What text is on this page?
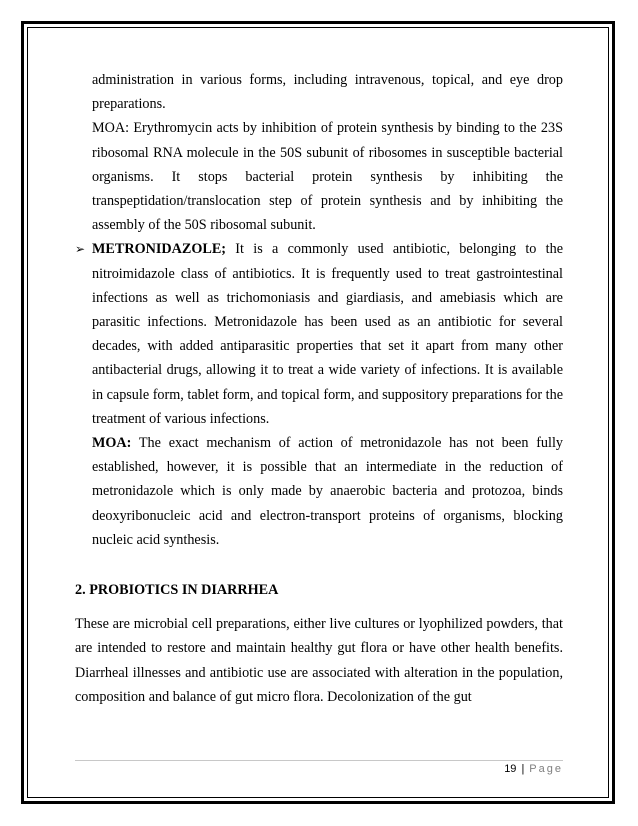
administration in various forms, including intravenous, topical, and eye drop preparations.

MOA: Erythromycin acts by inhibition of protein synthesis by binding to the 23S ribosomal RNA molecule in the 50S subunit of ribosomes in susceptible bacterial organisms. It stops bacterial protein synthesis by inhibiting the transpeptidation/translocation step of protein synthesis and by inhibiting the assembly of the 50S ribosomal subunit.

➢ METRONIDAZOLE; It is a commonly used antibiotic, belonging to the nitroimidazole class of antibiotics. It is frequently used to treat gastrointestinal infections as well as trichomoniasis and giardiasis, and amebiasis which are parasitic infections. Metronidazole has been used as an antibiotic for several decades, with added antiparasitic properties that set it apart from many other antibacterial drugs, allowing it to treat a wide variety of infections. It is available in capsule form, tablet form, and topical form, and suppository preparations for the treatment of various infections.

MOA: The exact mechanism of action of metronidazole has not been fully established, however, it is possible that an intermediate in the reduction of metronidazole which is only made by anaerobic bacteria and protozoa, binds deoxyribonucleic acid and electron-transport proteins of organisms, blocking nucleic acid synthesis.

2. PROBIOTICS IN DIARRHEA

These are microbial cell preparations, either live cultures or lyophilized powders, that are intended to restore and maintain healthy gut flora or have other health benefits. Diarrheal illnesses and antibiotic use are associated with alteration in the population, composition and balance of gut micro flora. Decolonization of the gut

19 | Page
